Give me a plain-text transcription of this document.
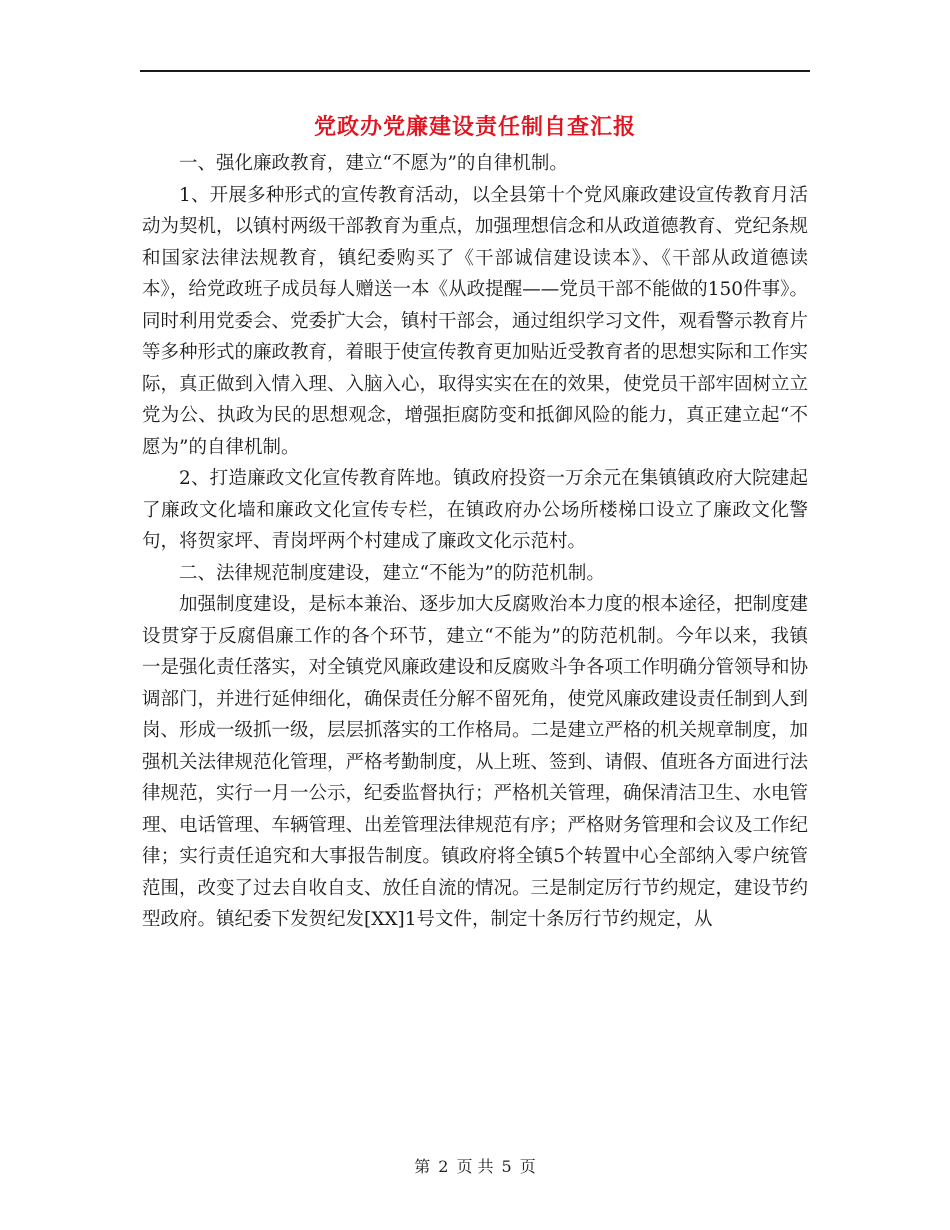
党政办党廉建设责任制自查汇报

一、强化廉政教育，建立“不愿为”的自律机制。

1、开展多种形式的宣传教育活动，以全县第十个党风廉政建设宣传教育月活动为契机，以镇村两级干部教育为重点，加强理想信念和从政道德教育、党纪条规和国家法律法规教育，镇纪委购买了《干部诚信建设读本》、《干部从政道德读本》，给党政班子成员每人赠送一本《从政提醒——党员干部不能做的150件事》。同时利用党委会、党委扩大会，镇村干部会，通过组织学习文件，观看警示教育片等多种形式的廉政教育，着眼于使宣传教育更加贴近受教育者的思想实际和工作实际，真正做到入情入理、入脑入心，取得实实在在的效果，使党员干部牢固树立立党为公、执政为民的思想观念，增强拒腐防变和抵御风险的能力，真正建立起“不愿为”的自律机制。

2、打造廉政文化宣传教育阵地。镇政府投资一万余元在集镇镇政府大院建起了廉政文化墙和廉政文化宣传专栏，在镇政府办公场所楼梯口设立了廉政文化警句，将贺家坪、青岗坪两个村建成了廉政文化示范村。

二、法律规范制度建设，建立“不能为”的防范机制。

加强制度建设，是标本兼治、逐步加大反腐败治本力度的根本途径，把制度建设贯穿于反腐倡廉工作的各个环节，建立“不能为”的防范机制。今年以来，我镇一是强化责任落实，对全镇党风廉政建设和反腐败斗争各项工作明确分管领导和协调部门，并进行延伸细化，确保责任分解不留死角，使党风廉政建设责任制到人到岗、形成一级抓一级，层层抓落实的工作格局。二是建立严格的机关规章制度，加强机关法律规范化管理，严格考勤制度，从上班、签到、请假、值班各方面进行法律规范，实行一月一公示，纪委监督执行；严格机关管理，确保清洁卫生、水电管理、电话管理、车辆管理、出差管理法律规范有序；严格财务管理和会议及工作纪律；实行责任追究和大事报告制度。镇政府将全镇5个转置中心全部纳入零户统管范围，改变了过去自收自支、放任自流的情况。三是制定厉行节约规定，建设节约型政府。镇纪委下发贺纪发[XX]1号文件，制定十条厉行节约规定，从

第 2 页 共 5 页
